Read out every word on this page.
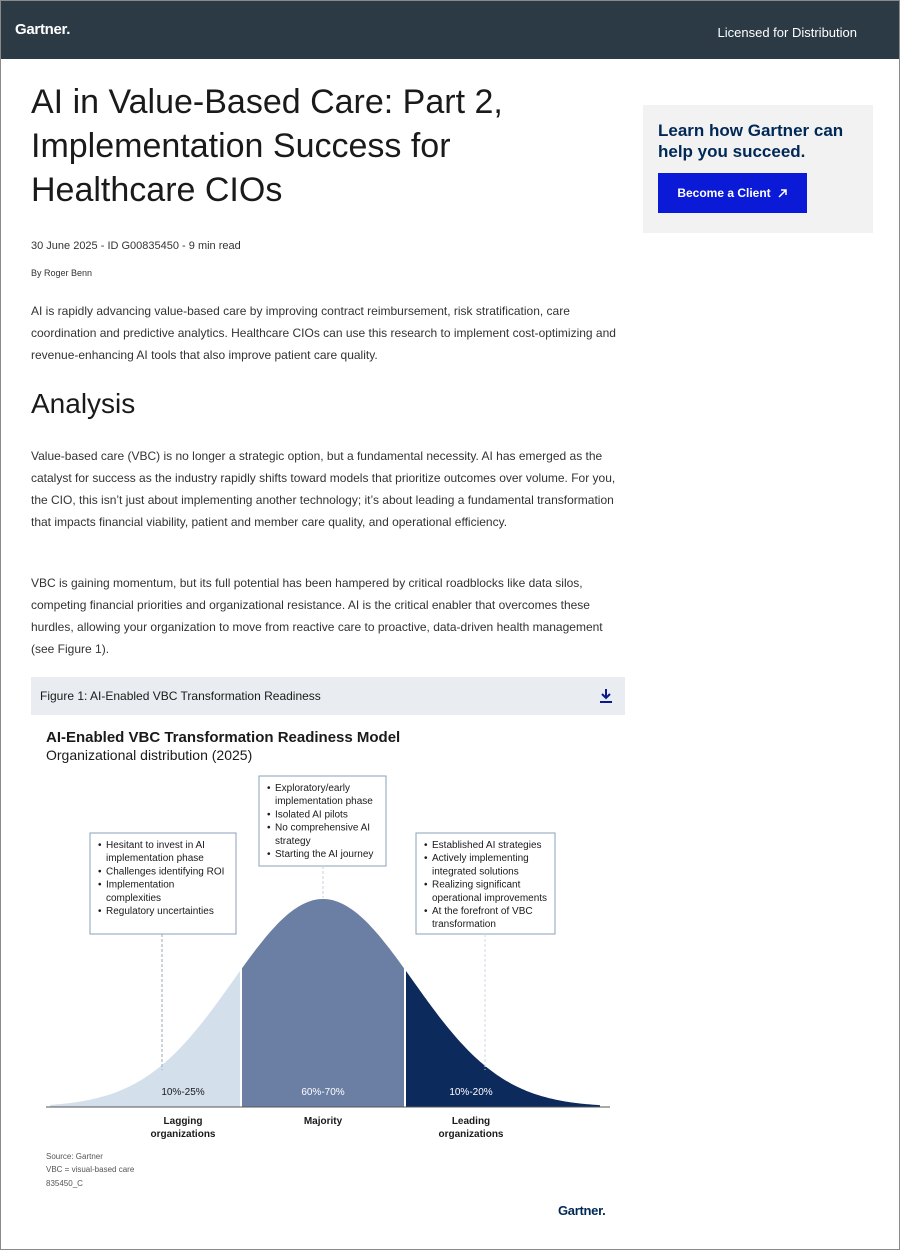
Gartner.	Licensed for Distribution
AI in Value-Based Care: Part 2, Implementation Success for Healthcare CIOs
30 June 2025 - ID G00835450 - 9 min read
By Roger Benn

AI is rapidly advancing value-based care by improving contract reimbursement, risk stratification, care coordination and predictive analytics. Healthcare CIOs can use this research to implement cost-optimizing and revenue-enhancing AI tools that also improve patient care quality.

Analysis

Value-based care (VBC) is no longer a strategic option, but a fundamental necessity. AI has emerged as the catalyst for success as the industry rapidly shifts toward models that prioritize outcomes over volume. For you, the CIO, this isn’t just about implementing another technology; it’s about leading a fundamental transformation that impacts financial viability, patient and member care quality, and operational efficiency.

VBC is gaining momentum, but its full potential has been hampered by critical roadblocks like data silos, competing financial priorities and organizational resistance. AI is the critical enabler that overcomes these hurdles, allowing your organization to move from reactive care to proactive, data-driven health management (see Figure 1).

Learn how Gartner can help you succeed.
Become a Client
Figure 1: AI-Enabled VBC Transformation Readiness
AI-Enabled VBC Transformation Readiness Model
Organizational distribution (2025)
• Hesitant to invest in AI
implementation phase
• Challenges identifying ROI
• Implementation
complexities
• Regulatory uncertainties
• Exploratory/early
implementation phase
• Isolated AI pilots
• No comprehensive AI
strategy
• Starting the AI journey
• Established AI strategies
• Actively implementing
integrated solutions
• Realizing significant
operational improvements
• At the forefront of VBC
transformation
10%-25%
Lagging
organizations
60%-70%
Majority
10%-20%
Leading
organizations
Source: Gartner
VBC = visual-based care
835450_C
Gartner.
